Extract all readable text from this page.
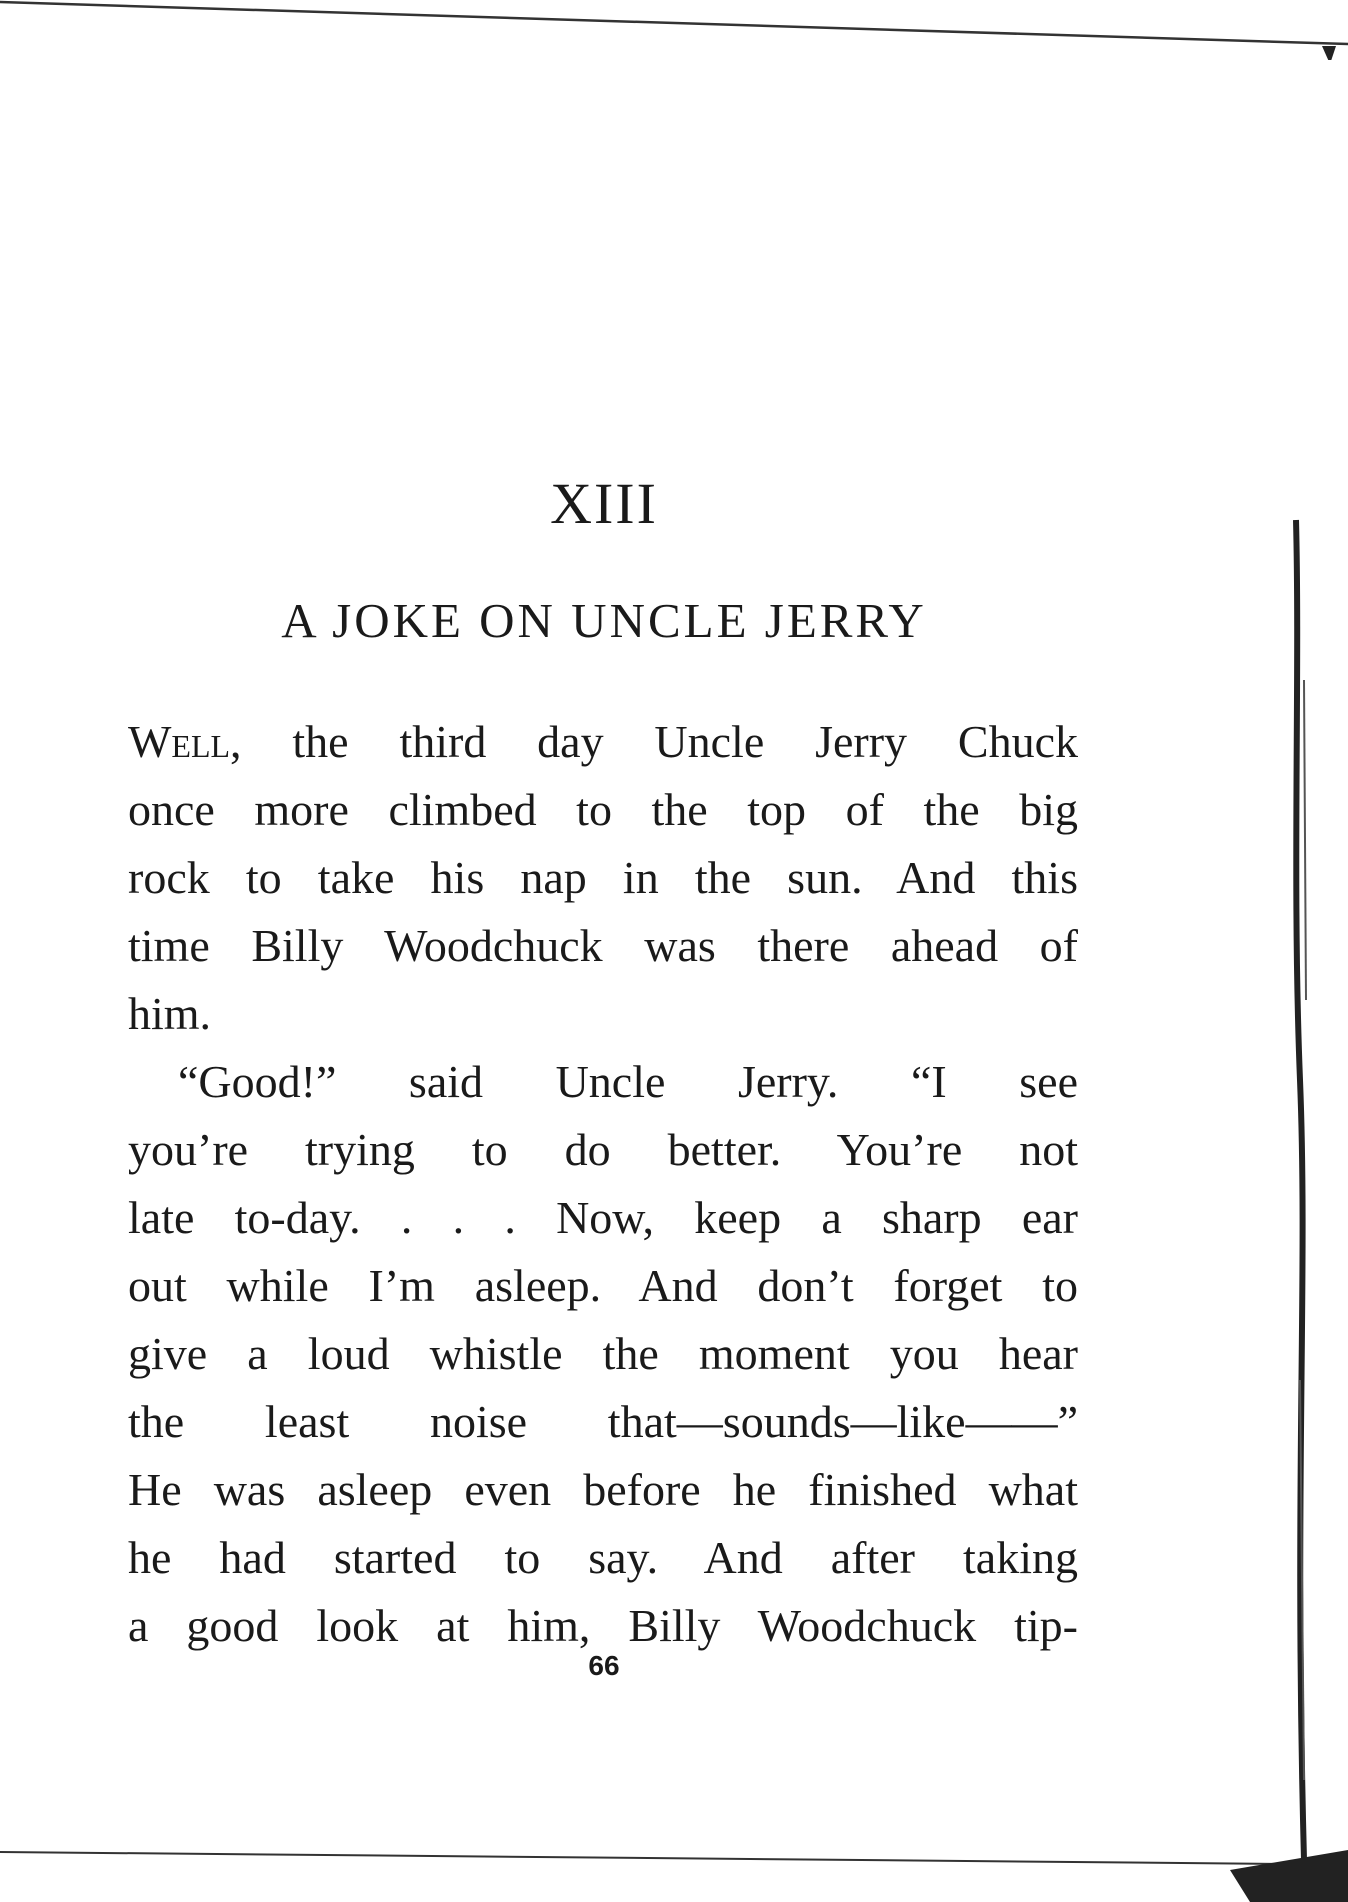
XIII
A JOKE ON UNCLE JERRY
Well, the third day Uncle Jerry Chuck
once more climbed to the top of the big
rock to take his nap in the sun. And this
time Billy Woodchuck was there ahead of
him.
“Good!” said Uncle Jerry. “I see
you’re trying to do better. You’re not
late to-day. . . . Now, keep a sharp ear
out while I’m asleep. And don’t forget to
give a loud whistle the moment you hear
the least noise that—sounds—like——”
He was asleep even before he finished what
he had started to say. And after taking
a good look at him, Billy Woodchuck tip-
66
